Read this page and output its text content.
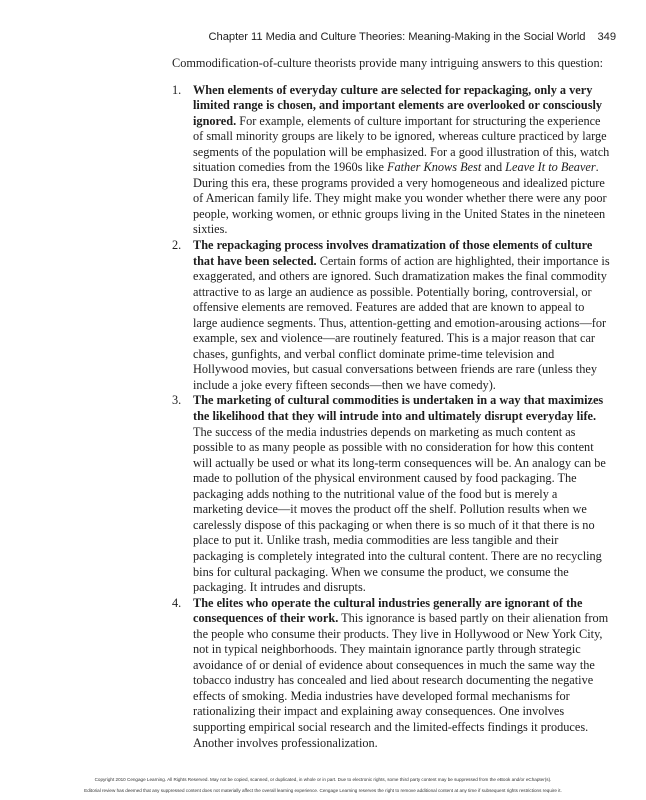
Chapter 11 Media and Culture Theories: Meaning-Making in the Social World 349

Commodification-of-culture theorists provide many intriguing answers to this question:

1. When elements of everyday culture are selected for repackaging, only a very limited range is chosen, and important elements are overlooked or consciously ignored. For example, elements of culture important for structuring the experience of small minority groups are likely to be ignored, whereas culture practiced by large segments of the population will be emphasized. For a good illustration of this, watch situation comedies from the 1960s like Father Knows Best and Leave It to Beaver. During this era, these programs provided a very homogeneous and idealized picture of American family life. They might make you wonder whether there were any poor people, working women, or ethnic groups living in the United States in the nineteen sixties.
2. The repackaging process involves dramatization of those elements of culture that have been selected. Certain forms of action are highlighted, their importance is exaggerated, and others are ignored. Such dramatization makes the final commodity attractive to as large an audience as possible. Potentially boring, controversial, or offensive elements are removed. Features are added that are known to appeal to large audience segments. Thus, attention-getting and emotion-arousing actions—for example, sex and violence—are routinely featured. This is a major reason that car chases, gunfights, and verbal conflict dominate prime-time television and Hollywood movies, but casual conversations between friends are rare (unless they include a joke every fifteen seconds—then we have comedy).
3. The marketing of cultural commodities is undertaken in a way that maximizes the likelihood that they will intrude into and ultimately disrupt everyday life. The success of the media industries depends on marketing as much content as possible to as many people as possible with no consideration for how this content will actually be used or what its long-term consequences will be. An analogy can be made to pollution of the physical environment caused by food packaging. The packaging adds nothing to the nutritional value of the food but is merely a marketing device—it moves the product off the shelf. Pollution results when we carelessly dispose of this packaging or when there is so much of it that there is no place to put it. Unlike trash, media commodities are less tangible and their packaging is completely integrated into the cultural content. There are no recycling bins for cultural packaging. When we consume the product, we consume the packaging. It intrudes and disrupts.
4. The elites who operate the cultural industries generally are ignorant of the consequences of their work. This ignorance is based partly on their alienation from the people who consume their products. They live in Hollywood or New York City, not in typical neighborhoods. They maintain ignorance partly through strategic avoidance of or denial of evidence about consequences in much the same way the tobacco industry has concealed and lied about research documenting the negative effects of smoking. Media industries have developed formal mechanisms for rationalizing their impact and explaining away consequences. One involves supporting empirical social research and the limited-effects findings it produces. Another involves professionalization.
Copyright 2010 Cengage Learning. All Rights Reserved. May not be copied, scanned, or duplicated, in whole or in part. Due to electronic rights, some third party content may be suppressed from the eBook and/or eChapter(s).
Editorial review has deemed that any suppressed content does not materially affect the overall learning experience. Cengage Learning reserves the right to remove additional content at any time if subsequent rights restrictions require it.
